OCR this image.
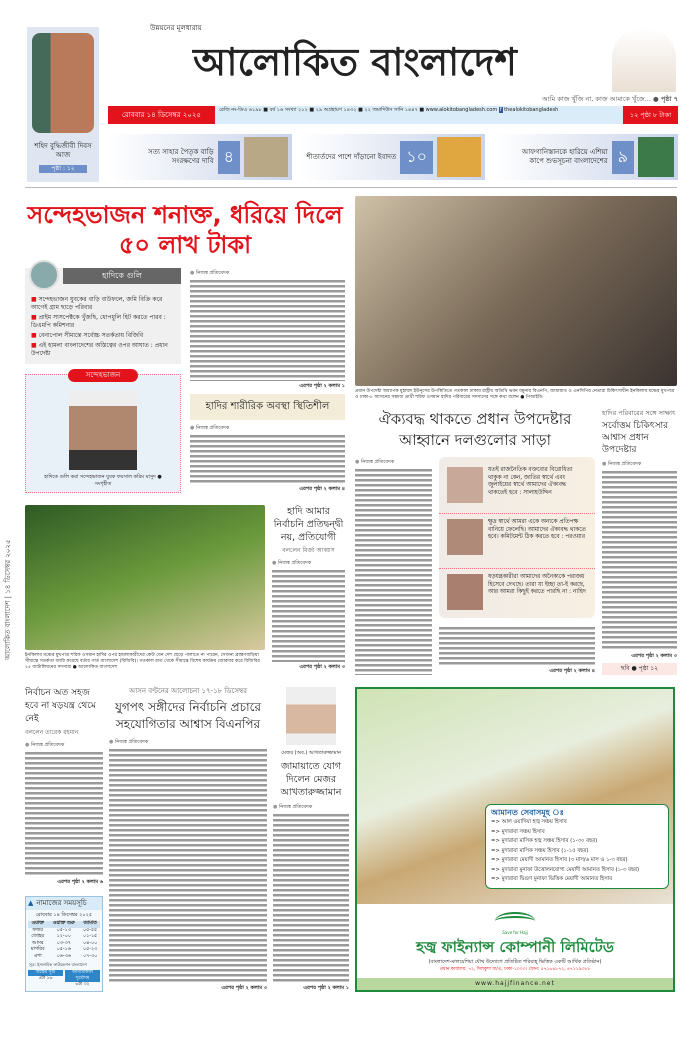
শহিদ বুদ্ধিজীবী দিবস আজ
পৃষ্ঠা : ১২
উন্নয়নের মূলধারায়
আলোকিত বাংলাদেশ
আমি কাজ খুঁজি না, কাজ আমাকে খুঁজে... ● পৃষ্ঠা ৭
রোববার ১৪ ডিসেম্বর ২০২৫
রেজি নং-ডিএ ৬১৯৮ ■ বর্ষ ১৬ সংখ্যা ২০২ ■ ২৯ অগ্রহায়ণ ১৪৩২ ■ ২২ জমাদিউস সানি ১৪৪৭ ■ www.alokitobangladesh.com f thealokitobangladesh
১২ পৃষ্ঠা ৮ টাকা
সত্য সাহার পৈতৃক বাড়ি সংরক্ষণের দাবি ৪	শীতার্তদের পাশে দাঁড়ানো ইবাদত ১০	আফগানিস্তানকে হারিয়ে এশিয়া কাপে শুভসূচনা বাংলাদেশের ৯
আলোকিত বাংলাদেশ | ১৪ ডিসেম্বর ২০২৫
সন্দেহভাজন শনাক্ত, ধরিয়ে দিলে ৫০ লাখ টাকা
হাদিকে গুলি
■ সন্দেহভাজন যুবকের বাড়ি বাউফলে, জমি বিক্রি করে আগেই গ্রাম ছাড়ে পরিবার
■ প্রাইম সাসপেক্টকে খুঁজছি, ধোপধুলি হিট করতে পারব : ডিএমপি কমিশনার
■ বেনাপোল সীমান্তে সর্বোচ্চ সতর্কতায় বিজিবি
■ এই হামলা বাংলাদেশের অস্তিত্বের ওপর আঘাত : প্রধান উপদেষ্টা
সন্দেহভাজন
হাদিকে গুলি করা সন্দেহভাজন যুবক ফয়সাল করিম মাসুদ ● সংগৃহীত
● নিজস্ব প্রতিবেদক
এরপর পৃষ্ঠা ২ কলাম ১
হাদির শারীরিক অবস্থা স্থিতিশীল
● নিজস্ব প্রতিবেদক
এরপর পৃষ্ঠা ২ কলাম ৪
ইনকিলাব মঞ্চের মুখপাত্র শরিফ ওসমান হাদির ওপর হামলাকারীদের কেউ যেন দেশ ছেড়ে পালাতে না পারেন, সেজন্য ব্রাহ্মণবাড়িয়া সীমান্তে সতর্কতা জারি করেছে বর্ডার গার্ড বাংলাদেশ (বিজিবি)। গতকাল রাত থেকে সীমান্তে বিশেষ কার্যক্রম জোরদার করে বিজিবির ২৫ ব্যাটালিয়নের সদস্যরা ● আলোকিত বাংলাদেশ
হাদি আমার নির্বাচনি প্রতিদ্বন্দ্বী নয়, প্রতিযোগী
বললেন মির্জা আব্বাস
● নিজস্ব প্রতিবেদক
এরপর পৃষ্ঠা ২ কলাম ৩
প্রধান উপদেষ্টা অধ্যাপক মুহাম্মদ ইউনূসের উপস্থিতিতে গতকাল ঢাকায় রাষ্ট্রীয় অতিথি ভবন যমুনায় বিএনপি, জামায়াত ও এনসিপির নেতারা চিকিৎসাধীন ইনকিলাব মঞ্চের মুখপাত্র ও ঢাকা-৮ আসনের সম্ভাব্য প্রার্থী শরিফ ওসমান হাদির পরিবারের সদস্যদের সঙ্গে কথা বলেন ● পিআইডি
ঐক্যবদ্ধ থাকতে প্রধান উপদেষ্টার আহ্বানে দলগুলোর সাড়া
● নিজস্ব প্রতিবেদক
যতই রাজনৈতিক বক্তব্যের বিরোধিতা থাকুক না কেন, জাতির স্বার্থে এবং জুলাইয়ের স্বার্থে আমাদের ঐক্যবদ্ধ থাকতেই হবে : সালাহউদ্দিন
ক্ষুদ্র স্বার্থে আমরা একে অন্যকে প্রতিপক্ষ বানিয়ে ফেলেছি। আমাদের ঐক্যবদ্ধ থাকতে হবে। কমিটমেন্ট ঠিক করতে হবে : পরওয়ার
ষড়যন্ত্রকারীরা আমাদের অনৈক্যকে পরাজয় হিসেবে দেখছে। তারা যা ইচ্ছা তা-ই করছে, আর আমরা কিছুই করতে পারছি না : নাহিদ
এরপর পৃষ্ঠা ২ কলাম ৪
হাদির পরিবারের সঙ্গে সাক্ষাৎ
সর্বোত্তম চিকিৎসার আশ্বাস প্রধান উপদেষ্টার
● নিজস্ব প্রতিবেদক
এরপর পৃষ্ঠা ২ কলাম ৩
ছবি ● পৃষ্ঠা ১২
নির্বাচন অত সহজ হবে না ষড়যন্ত্র থেমে নেই
বললেন তারেক রহমান
● নিজস্ব প্রতিবেদক
এরপর পৃষ্ঠা ২ কলাম ৬
▲ নামাজের সময়সূচি
রোববার ১৪ ডিসেম্বর ২০২৫
ওয়াক্ত	ওয়াক্ত শুরু	জামাত
ফজর	০৫-১৩	০৫-৫৫
জোহর	১২-০০	০১-১৫
আসর	০৩-৩৭	০৪-০০
মাগরিব	০৫-১৬	০৫-২৩
এশা	০৬-৩৬	০৭-৩০
সূত্র: ইসলামিক ফাউন্ডেশন বাংলাদেশ
অস্তের সূচি
৫টা ১৬
আগামীকাল সূর্যোদয়
৬টা ৩২
আসন বণ্টনের আলোচনা ১৭-১৮ ডিসেম্বর
যুগপৎ সঙ্গীদের নির্বাচনি প্রচারে সহযোগিতার আশ্বাস বিএনপির
● নিজস্ব প্রতিবেদক
এরপর পৃষ্ঠা ২ কলাম ৩
মেজর (অব.) আখতারুজ্জামান
জামায়াতে যোগ দিলেন মেজর আখতারুজ্জামান
● নিজস্ব প্রতিবেদক
এরপর পৃষ্ঠা ২ কলাম ১
আমানত সেবাসমূহ ঃ
=> আল ওয়াদিয়া হজ্ব সঞ্চয় হিসাব
=> মুদারাবা সঞ্চয় হিসাব
=> মুদারাবা মাসিক হজ্ব সঞ্চয় হিসাব (১-৩০ বছর)
=> মুদারাবা মাসিক সঞ্চয় হিসাব (১-১৫ বছর)
=> মুদারাবা মেয়াদী আমানত হিসাব (৩ মাস/৬ মাস ও ১-৩ বছর)
=> মুদারাবা মুনাফা উত্তোলনযোগ্য মেয়াদী আমানত হিসাব (১-৩ বছর)
=> মুদারাবা দ্বিগুণ মুনাফা ভিত্তিক মেয়াদী আমানত হিসাব
Save for Hajj
হজ্ব ফাইন্যান্স কোম্পানী লিমিটেড
(বাংলাদেশ-মালয়েশিয়া যৌথ উদ্যোগে প্রতিষ্ঠিত শরিয়াহ্ ভিত্তিক একটি আর্থিক প্রতিষ্ঠান)
প্রধান কার্যালয়: ৭২, দিলকুশা বা/এ, ঢাকা-১০০০। ফোন: ৫৭১৬৪৮৭২, ৪৭১১৯৩৮৮
www.hajjfinance.net
